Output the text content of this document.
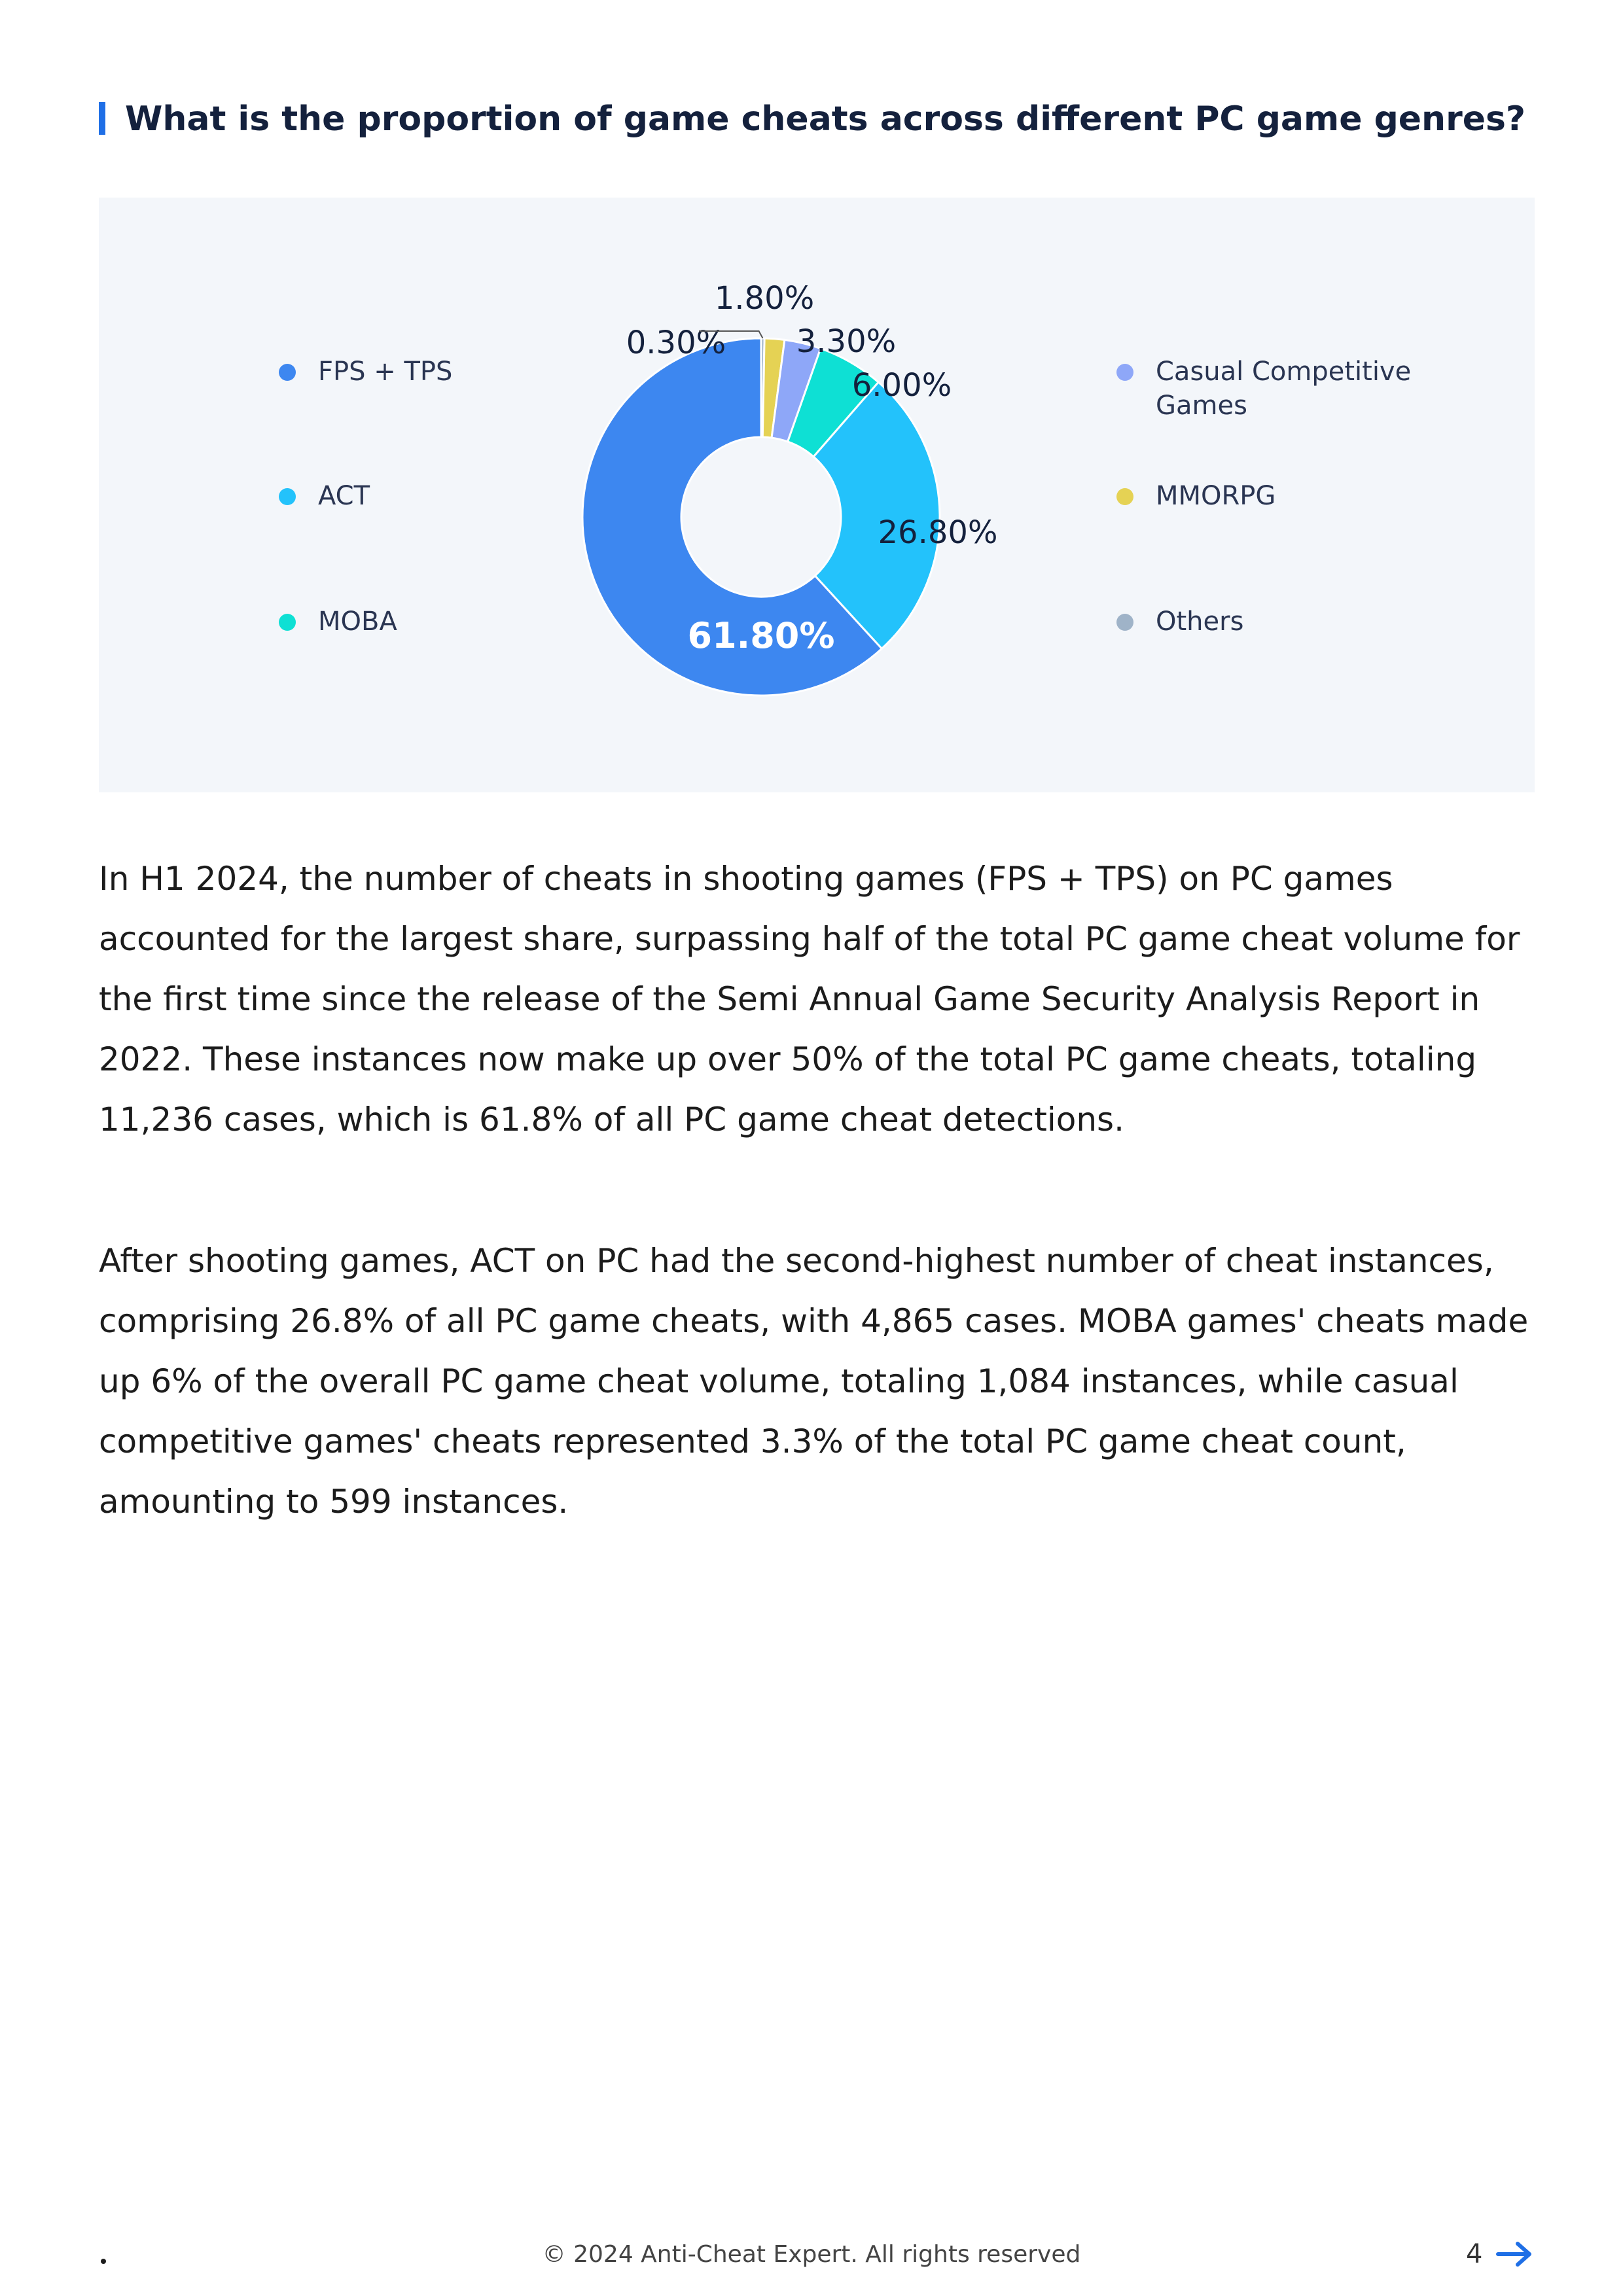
What is the proportion of game cheats across different PC game genres?
FPS + TPS
ACT
MOBA
Casual Competitive Games
MMORPG
Others
61.80%
26.80%
6.00%
3.30%
1.80%
0.30%

In H1 2024, the number of cheats in shooting games (FPS + TPS) on PC games accounted for the largest share, surpassing half of the total PC game cheat volume for the first time since the release of the Semi Annual Game Security Analysis Report in 2022. These instances now make up over 50% of the total PC game cheats, totaling 11,236 cases, which is 61.8% of all PC game cheat detections.

After shooting games, ACT on PC had the second-highest number of cheat instances, comprising 26.8% of all PC game cheats, with 4,865 cases. MOBA games' cheats made up 6% of the overall PC game cheat volume, totaling 1,084 instances, while casual competitive games' cheats represented 3.3% of the total PC game cheat count, amounting to 599 instances.

© 2024 Anti-Cheat Expert. All rights reserved	4
